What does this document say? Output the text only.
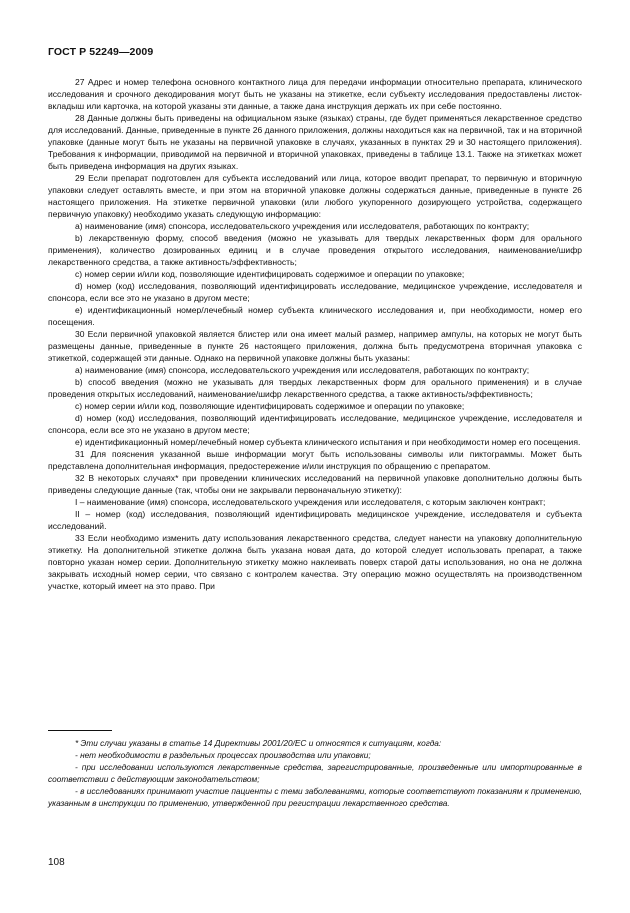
ГОСТ Р 52249—2009

27 Адрес и номер телефона основного контактного лица для передачи информации относительно препарата, клинического исследования и срочного декодирования могут быть не указаны на этикетке, если субъекту исследования предоставлены листок-вкладыш или карточка, на которой указаны эти данные, а также дана инструкция держать их при себе постоянно.

28 Данные должны быть приведены на официальном языке (языках) страны, где будет применяться лекарственное средство для исследований. Данные, приведенные в пункте 26 данного приложения, должны находиться как на первичной, так и на вторичной упаковке (данные могут быть не указаны на первичной упаковке в случаях, указанных в пунктах 29 и 30 настоящего приложения). Требования к информации, приводимой на первичной и вторичной упаковках, приведены в таблице 13.1. Также на этикетках может быть приведена информация на других языках.

29 Если препарат подготовлен для субъекта исследований или лица, которое вводит препарат, то первичную и вторичную упаковки следует оставлять вместе, и при этом на вторичной упаковке должны содержаться данные, приведенные в пункте 26 настоящего приложения. На этикетке первичной упаковки (или любого укупоренного дозирующего устройства, содержащего первичную упаковку) необходимо указать следующую информацию:

a) наименование (имя) спонсора, исследовательского учреждения или исследователя, работающих по контракту;

b) лекарственную форму, способ введения (можно не указывать для твердых лекарственных форм для орального применения), количество дозированных единиц и в случае проведения открытого исследования, наименование/шифр лекарственного средства, а также активность/эффективность;

c) номер серии и/или код, позволяющие идентифицировать содержимое и операции по упаковке;

d) номер (код) исследования, позволяющий идентифицировать исследование, медицинское учреждение, исследователя и спонсора, если все это не указано в другом месте;

e) идентификационный номер/лечебный номер субъекта клинического исследования и, при необходимости, номер его посещения.

30 Если первичной упаковкой является блистер или она имеет малый размер, например ампулы, на которых не могут быть размещены данные, приведенные в пункте 26 настоящего приложения, должна быть предусмотрена вторичная упаковка с этикеткой, содержащей эти данные. Однако на первичной упаковке должны быть указаны:

a) наименование (имя) спонсора, исследовательского учреждения или исследователя, работающих по контракту;

b) способ введения (можно не указывать для твердых лекарственных форм для орального применения) и в случае проведения открытых исследований, наименование/шифр лекарственного средства, а также активность/эффективность;

c) номер серии и/или код, позволяющие идентифицировать содержимое и операции по упаковке;

d) номер (код) исследования, позволяющий идентифицировать исследование, медицинское учреждение, исследователя и спонсора, если все это не указано в другом месте;

e) идентификационный номер/лечебный номер субъекта клинического испытания и при необходимости номер его посещения.

31 Для пояснения указанной выше информации могут быть использованы символы или пиктограммы. Может быть представлена дополнительная информация, предостережение и/или инструкция по обращению с препаратом.

32 В некоторых случаях* при проведении клинических исследований на первичной упаковке дополнительно должны быть приведены следующие данные (так, чтобы они не закрывали первоначальную этикетку):

I – наименование (имя) спонсора, исследовательского учреждения или исследователя, с которым заключен контракт;

II – номер (код) исследования, позволяющий идентифицировать медицинское учреждение, исследователя и субъекта исследований.

33 Если необходимо изменить дату использования лекарственного средства, следует нанести на упаковку дополнительную этикетку. На дополнительной этикетке должна быть указана новая дата, до которой следует использовать препарат, а также повторно указан номер серии. Дополнительную этикетку можно наклеивать поверх старой даты использования, но она не должна закрывать исходный номер серии, что связано с контролем качества. Эту операцию можно осуществлять на производственном участке, который имеет на это право. При

* Эти случаи указаны в статье 14 Директивы 2001/20/ЕС и относятся к ситуациям, когда:

- нет необходимости в раздельных процессах производства или упаковки;

- при исследовании используются лекарственные средства, зарегистрированные, произведенные или импортированные в соответствии с действующим законодательством;

- в исследованиях принимают участие пациенты с теми заболеваниями, которые соответствуют показаниям к применению, указанным в инструкции по применению, утвержденной при регистрации лекарственного средства.

108
